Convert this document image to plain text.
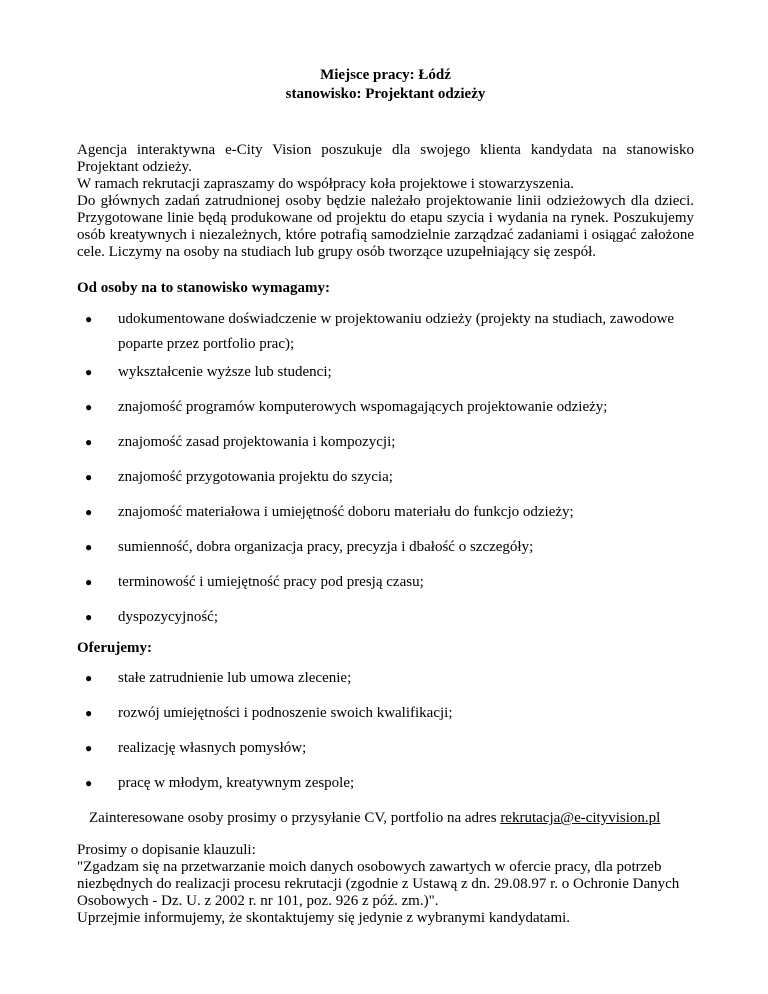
Miejsce pracy: Łódź

stanowisko: Projektant odzieży

Agencja interaktywna e-City Vision poszukuje dla swojego klienta kandydata na stanowisko Projektant odzieży.

W ramach rekrutacji zapraszamy do współpracy koła projektowe i stowarzyszenia.

Do głównych zadań zatrudnionej osoby będzie należało projektowanie linii odzieżowych dla dzieci. Przygotowane linie będą produkowane od projektu do etapu szycia i wydania na rynek. Poszukujemy osób kreatywnych i niezależnych, które potrafią samodzielnie zarządzać zadaniami i osiągać założone cele. Liczymy na osoby na studiach lub grupy osób tworzące uzupełniający się zespół.

Od osoby na to stanowisko wymagamy:

● udokumentowane doświadczenie w projektowaniu odzieży (projekty na studiach, zawodowe
poparte przez portfolio prac);
● wykształcenie wyższe lub studenci;
● znajomość programów komputerowych wspomagających projektowanie odzieży;
● znajomość zasad projektowania i kompozycji;
● znajomość przygotowania projektu do szycia;
● znajomość materiałowa i umiejętność doboru materiału do funkcjo odzieży;
● sumienność, dobra organizacja pracy, precyzja i dbałość o szczegóły;
● terminowość i umiejętność pracy pod presją czasu;
● dyspozycyjność;

Oferujemy:

● stałe zatrudnienie lub umowa zlecenie;
● rozwój umiejętności i podnoszenie swoich kwalifikacji;
● realizację własnych pomysłów;
● pracę w młodym, kreatywnym zespole;

Zainteresowane osoby prosimy o przysyłanie CV, portfolio na adres rekrutacja@e-cityvision.pl

Prosimy o dopisanie klauzuli:

"Zgadzam się na przetwarzanie moich danych osobowych zawartych w ofercie pracy, dla potrzeb niezbędnych do realizacji procesu rekrutacji (zgodnie z Ustawą z dn. 29.08.97 r. o Ochronie Danych Osobowych - Dz. U. z 2002 r. nr 101, poz. 926 z póź. zm.)".

Uprzejmie informujemy, że skontaktujemy się jedynie z wybranymi kandydatami.
